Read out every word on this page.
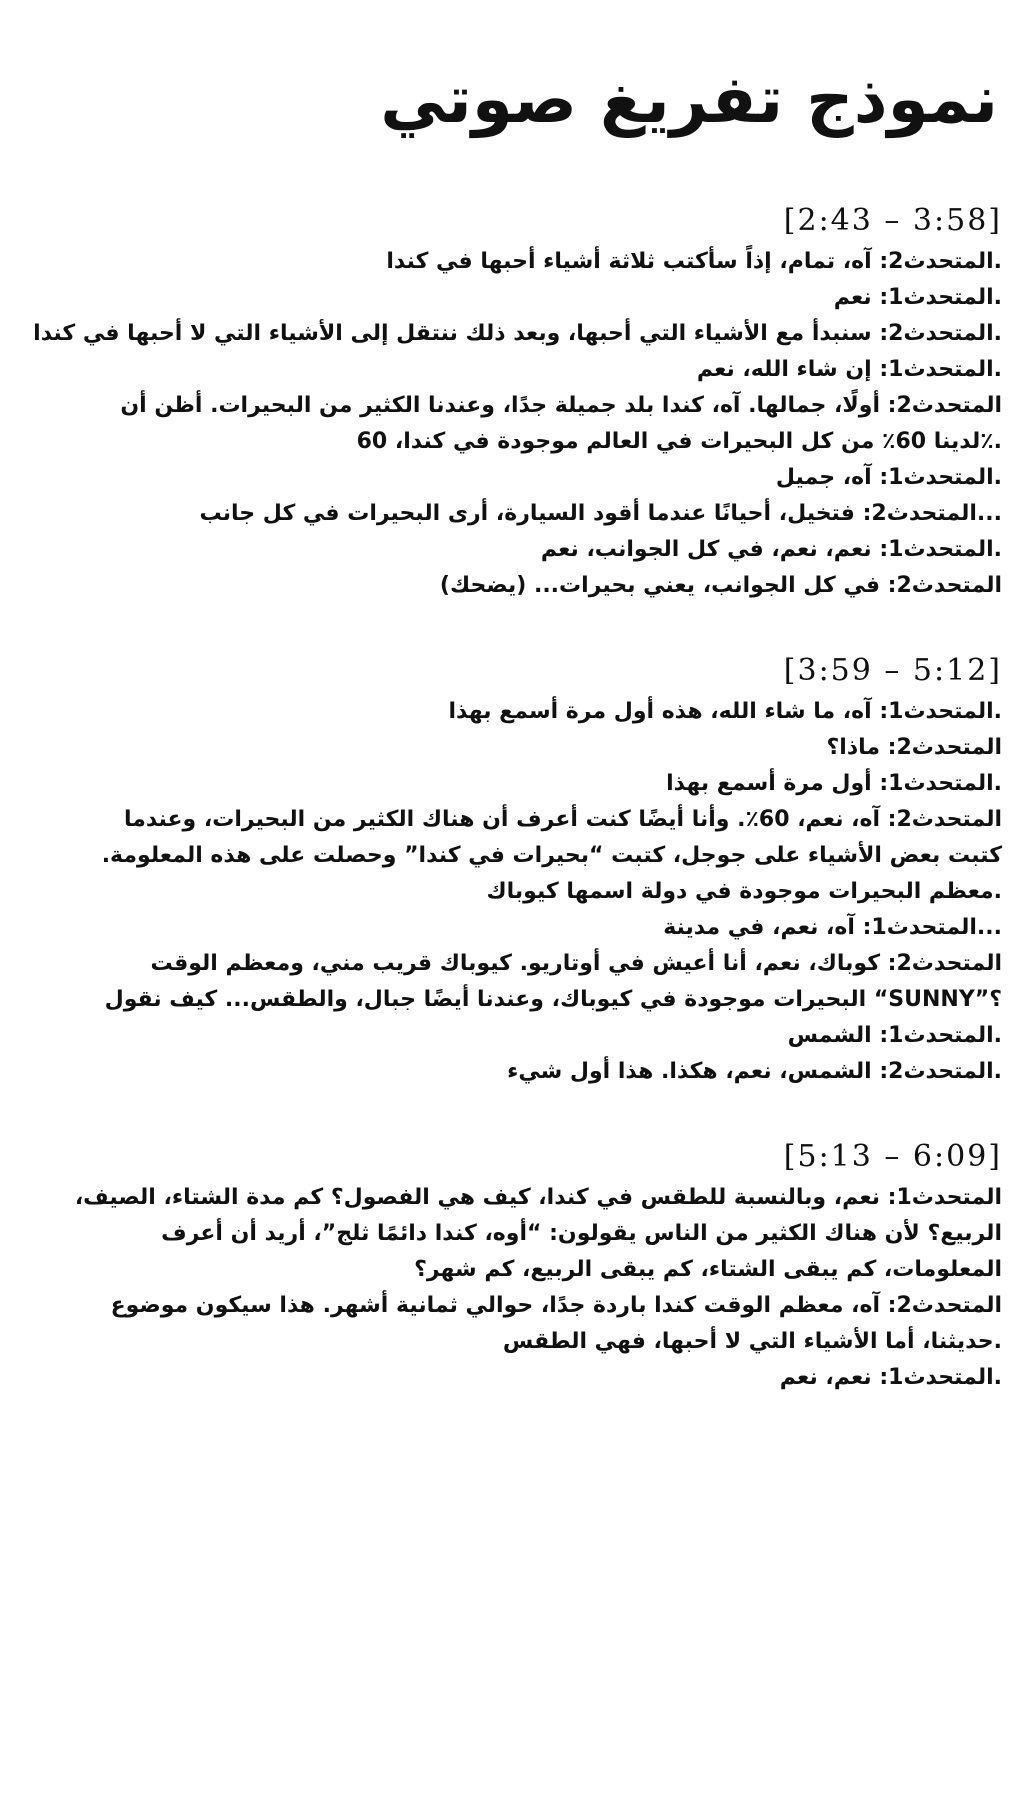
نموذج تفريغ صوتي
[2:43 – 3:58]
.المتحدث2: آه، تمام، إذاً سأكتب ثلاثة أشياء أحبها في كندا
.المتحدث1: نعم
.المتحدث2: سنبدأ مع الأشياء التي أحبها، وبعد ذلك ننتقل إلى الأشياء التي لا أحبها في كندا
.المتحدث1: إن شاء الله، نعم
المتحدث2: أولًا، جمالها. آه، كندا بلد جميلة جدًا، وعندنا الكثير من البحيرات. أظن أن
.٪لدينا 60٪ من كل البحيرات في العالم موجودة في كندا، 60
.المتحدث1: آه، جميل
...المتحدث2: فتخيل، أحيانًا عندما أقود السيارة، أرى البحيرات في كل جانب
.المتحدث1: نعم، نعم، في كل الجوانب، نعم
المتحدث2: في كل الجوانب، يعني بحيرات... (يضحك)
[3:59 – 5:12]
.المتحدث1: آه، ما شاء الله، هذه أول مرة أسمع بهذا
المتحدث2: ماذا؟
.المتحدث1: أول مرة أسمع بهذا
المتحدث2: آه، نعم، 60٪. وأنا أيضًا كنت أعرف أن هناك الكثير من البحيرات، وعندما
كتبت بعض الأشياء على جوجل، كتبت “بحيرات في كندا” وحصلت على هذه المعلومة.
.معظم البحيرات موجودة في دولة اسمها كيوباك
...المتحدث1: آه، نعم، في مدينة
المتحدث2: كوباك، نعم، أنا أعيش في أوتاريو. كيوباك قريب مني، ومعظم الوقت
؟”SUNNY“ البحيرات موجودة في كيوباك، وعندنا أيضًا جبال، والطقس... كيف نقول
.المتحدث1: الشمس
.المتحدث2: الشمس، نعم، هكذا. هذا أول شيء
[5:13 – 6:09]
المتحدث1: نعم، وبالنسبة للطقس في كندا، كيف هي الفصول؟ كم مدة الشتاء، الصيف،
الربيع؟ لأن هناك الكثير من الناس يقولون: “أوه، كندا دائمًا ثلج”، أريد أن أعرف
المعلومات، كم يبقى الشتاء، كم يبقى الربيع، كم شهر؟
المتحدث2: آه، معظم الوقت كندا باردة جدًا، حوالي ثمانية أشهر. هذا سيكون موضوع
.حديثنا، أما الأشياء التي لا أحبها، فهي الطقس
.المتحدث1: نعم، نعم
